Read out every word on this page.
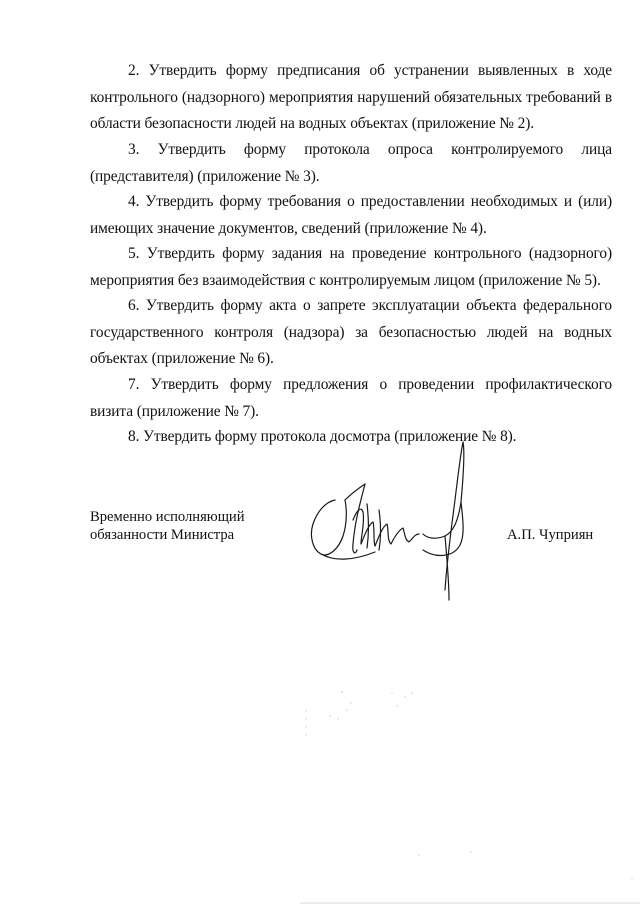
2. Утвердить форму предписания об устранении выявленных в ходе контрольного (надзорного) мероприятия нарушений обязательных требований в области безопасности людей на водных объектах (приложение № 2).

3. Утвердить форму протокола опроса контролируемого лица (представителя) (приложение № 3).

4. Утвердить форму требования о предоставлении необходимых и (или) имеющих значение документов, сведений (приложение № 4).

5. Утвердить форму задания на проведение контрольного (надзорного) мероприятия без взаимодействия с контролируемым лицом (приложение № 5).

6. Утвердить форму акта о запрете эксплуатации объекта федерального государственного контроля (надзора) за безопасностью людей на водных объектах (приложение № 6).

7. Утвердить форму предложения о проведении профилактического визита (приложение № 7).

8. Утвердить форму протокола досмотра (приложение № 8).

Временно исполняющий
обязанности Министра	А.П. Чуприян
